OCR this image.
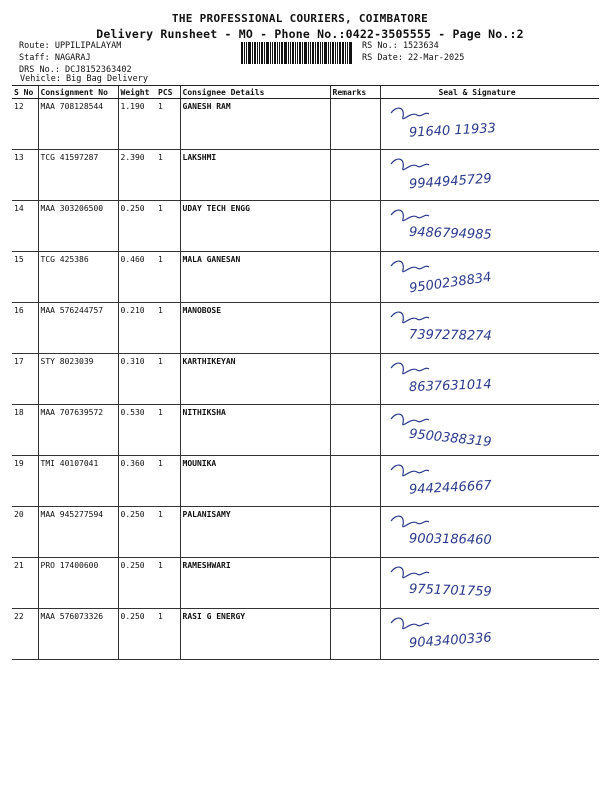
THE PROFESSIONAL COURIERS, COIMBATORE
Delivery Runsheet - MO - Phone No.:0422-3505555 - Page No.:2
Route: UPPILIPALAYAM
Staff: NAGARAJ
DRS No.: DCJ8152363402
Vehicle: Big Bag Delivery
RS No.: 1523634
RS Date: 22-Mar-2025
S No	Consignment No	Weight	PCS	Consignee Details	Remarks	Seal & Signature
12	MAA 708128544	1.190	1	GANESH RAM		91640 11933

13	TCG 41597287	2.390	1	LAKSHMI		9944945729

14	MAA 303206500	0.250	1	UDAY TECH ENGG		9486794985

15	TCG 425386	0.460	1	MALA GANESAN		9500238834

16	MAA 576244757	0.210	1	MANOBOSE		7397278274

17	STY 8023039	0.310	1	KARTHIKEYAN		8637631014

18	MAA 707639572	0.530	1	NITHIKSHA		9500388319

19	TMI 40107041	0.360	1	MOUNIKA		9442446667

20	MAA 945277594	0.250	1	PALANISAMY		9003186460

21	PRO 17400600	0.250	1	RAMESHWARI		9751701759

22	MAA 576073326	0.250	1	RASI G ENERGY		9043400336
